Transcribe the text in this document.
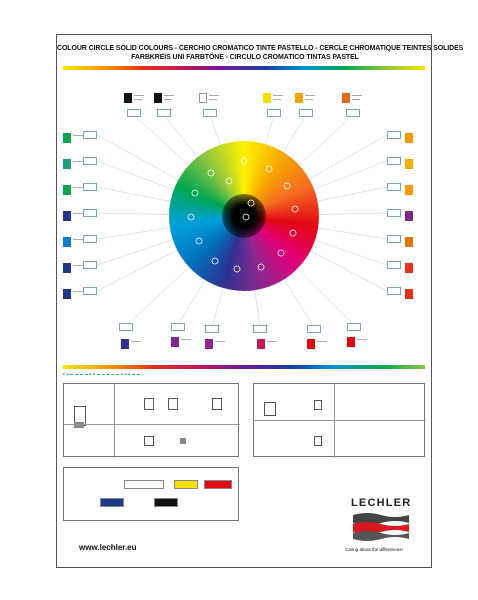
COLOUR CIRCLE SOLID COLOURS - CERCHIO CROMATICO TINTE PASTELLO - CERCLE CHROMATIQUE TEINTES SOLIDES
FARBKREIS UNI FARBTÖNE - CIRCULO CROMATICO TINTAS PASTEL
■ ■ ▬ ▬ ▬ ▬ ■ ■ ▬ ▬ ▬ ▬ ▬ ■ ■ ■ ▬ ▬
LECHLER
www.lechler.eu	Caring about the differences!
